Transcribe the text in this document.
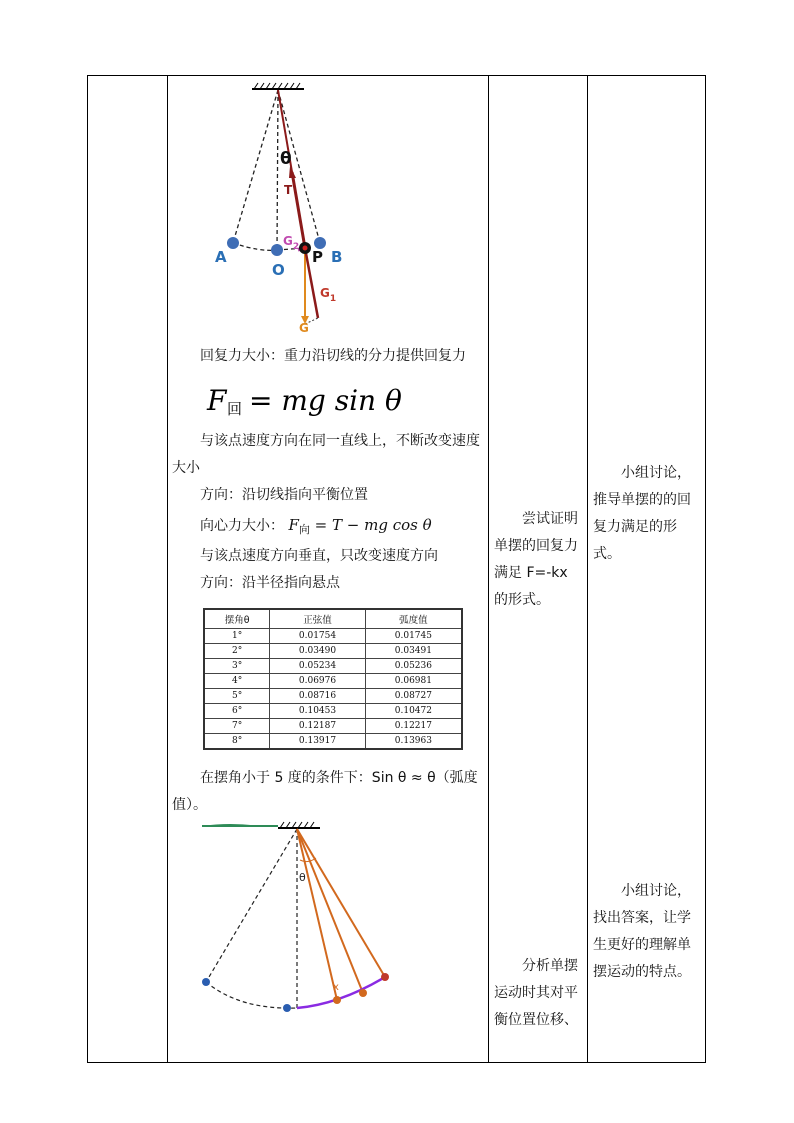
θ
T
A
O
P B
$G_2$
$G_1$
G

回复力大小：重力沿切线的分力提供回复力

F 回 = mg sin θ

与该点速度方向在同一直线上，不断改变速度大小

方向：沿切线指向平衡位置

向心力大小： $F_向 = T$ − mg cos θ

与该点速度方向垂直，只改变速度方向

方向：沿半径指向悬点

摆角θ	正弦值	弧度值
1°	0.01754	0.01745
2°	0.03490	0.03491
3°	0.05234	0.05236
4°	0.06976	0.06981
5°	0.08716	0.08727
6°	0.10453	0.10472
7°	0.12187	0.12217
8°	0.13917	0.13963

在摆角小于 5 度的条件下：Sin θ ≈ θ（弧度值）。

θ
x

尝试证明单摆的回复力满足 F=-kx 的形式。

分析单摆运动时其对平衡位置位移、

小组讨论，推导单摆的的回复力满足的形式。

小组讨论，找出答案，让学生更好的理解单摆运动的特点。
